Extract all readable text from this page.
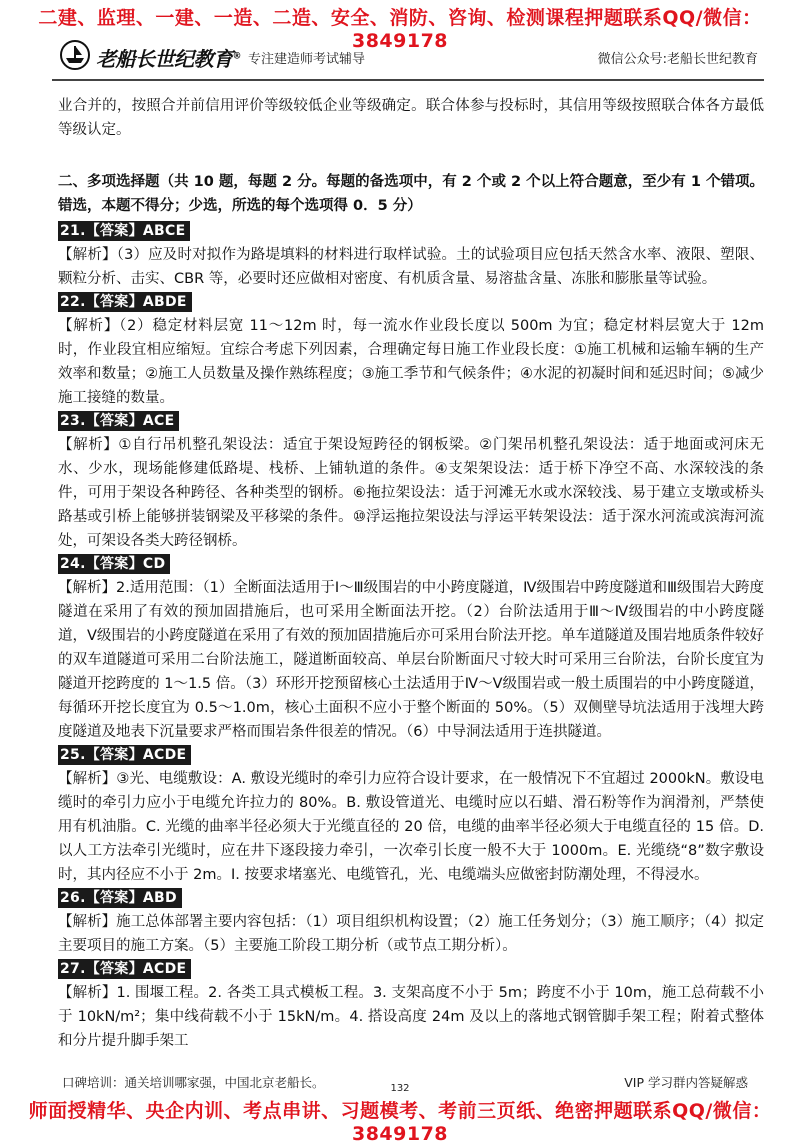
二建、监理、一建、一造、二造、安全、消防、咨询、检测课程押题联系QQ/微信：3849178
老船长世纪教育® 专注建造师考试辅导	微信公众号:老船长世纪教育

业合并的，按照合并前信用评价等级较低企业等级确定。联合体参与投标时，其信用等级按照联合体各方最低等级认定。

二、多项选择题（共 10 题，每题 2 分。每题的备选项中，有 2 个或 2 个以上符合题意，至少有 1 个错项。错选，本题不得分；少选，所选的每个选项得 0．5 分）

21.【答案】ABCE

【解析】（3）应及时对拟作为路堤填料的材料进行取样试验。土的试验项目应包括天然含水率、液限、塑限、颗粒分析、击实、CBR 等，必要时还应做相对密度、有机质含量、易溶盐含量、冻胀和膨胀量等试验。

22.【答案】ABDE

【解析】（2）稳定材料层宽 11～12m 时，每一流水作业段长度以 500m 为宜；稳定材料层宽大于 12m 时，作业段宜相应缩短。宜综合考虑下列因素，合理确定每日施工作业段长度：①施工机械和运输车辆的生产效率和数量；②施工人员数量及操作熟练程度；③施工季节和气候条件；④水泥的初凝时间和延迟时间；⑤减少施工接缝的数量。

23.【答案】ACE

【解析】①自行吊机整孔架设法：适宜于架设短跨径的钢板梁。②门架吊机整孔架设法：适于地面或河床无水、少水，现场能修建低路堤、栈桥、上铺轨道的条件。④支架架设法：适于桥下净空不高、水深较浅的条件，可用于架设各种跨径、各种类型的钢桥。⑥拖拉架设法：适于河滩无水或水深较浅、易于建立支墩或桥头路基或引桥上能够拼装钢梁及平移梁的条件。⑩浮运拖拉架设法与浮运平转架设法：适于深水河流或滨海河流处，可架设各类大跨径钢桥。

24.【答案】CD

【解析】2.适用范围：（1）全断面法适用于Ⅰ～Ⅲ级围岩的中小跨度隧道，Ⅳ级围岩中跨度隧道和Ⅲ级围岩大跨度隧道在采用了有效的预加固措施后，也可采用全断面法开挖。（2）台阶法适用于Ⅲ～Ⅳ级围岩的中小跨度隧道，Ⅴ级围岩的小跨度隧道在采用了有效的预加固措施后亦可采用台阶法开挖。单车道隧道及围岩地质条件较好的双车道隧道可采用二台阶法施工，隧道断面较高、单层台阶断面尺寸较大时可采用三台阶法，台阶长度宜为隧道开挖跨度的 1～1.5 倍。（3）环形开挖预留核心土法适用于Ⅳ～Ⅴ级围岩或一般土质围岩的中小跨度隧道，每循环开挖长度宜为 0.5～1.0m，核心土面积不应小于整个断面的 50%。（5）双侧壁导坑法适用于浅埋大跨度隧道及地表下沉量要求严格而围岩条件很差的情况。（6）中导洞法适用于连拱隧道。

25.【答案】ACDE

【解析】③光、电缆敷设：A. 敷设光缆时的牵引力应符合设计要求，在一般情况下不宜超过 2000kN。敷设电缆时的牵引力应小于电缆允许拉力的 80%。B. 敷设管道光、电缆时应以石蜡、滑石粉等作为润滑剂，严禁使用有机油脂。C. 光缆的曲率半径必须大于光缆直径的 20 倍，电缆的曲率半径必须大于电缆直径的 15 倍。D. 以人工方法牵引光缆时，应在井下逐段接力牵引，一次牵引长度一般不大于 1000m。E. 光缆绕“8”数字敷设时，其内径应不小于 2m。I. 按要求堵塞光、电缆管孔，光、电缆端头应做密封防潮处理，不得浸水。

26.【答案】ABD

【解析】施工总体部署主要内容包括：（1）项目组织机构设置；（2）施工任务划分；（3）施工顺序；（4）拟定主要项目的施工方案。（5）主要施工阶段工期分析（或节点工期分析）。

27.【答案】ACDE

【解析】1. 围堰工程。2. 各类工具式模板工程。3. 支架高度不小于 5m；跨度不小于 10m，施工总荷载不小于 10kN/m²；集中线荷载不小于 15kN/m。4. 搭设高度 24m 及以上的落地式钢管脚手架工程；附着式整体和分片提升脚手架工

口碑培训：通关培训哪家强，中国北京老船长。	VIP 学习群内答疑解惑
132
师面授精华、央企内训、考点串讲、习题模考、考前三页纸、绝密押题联系QQ/微信：3849178
